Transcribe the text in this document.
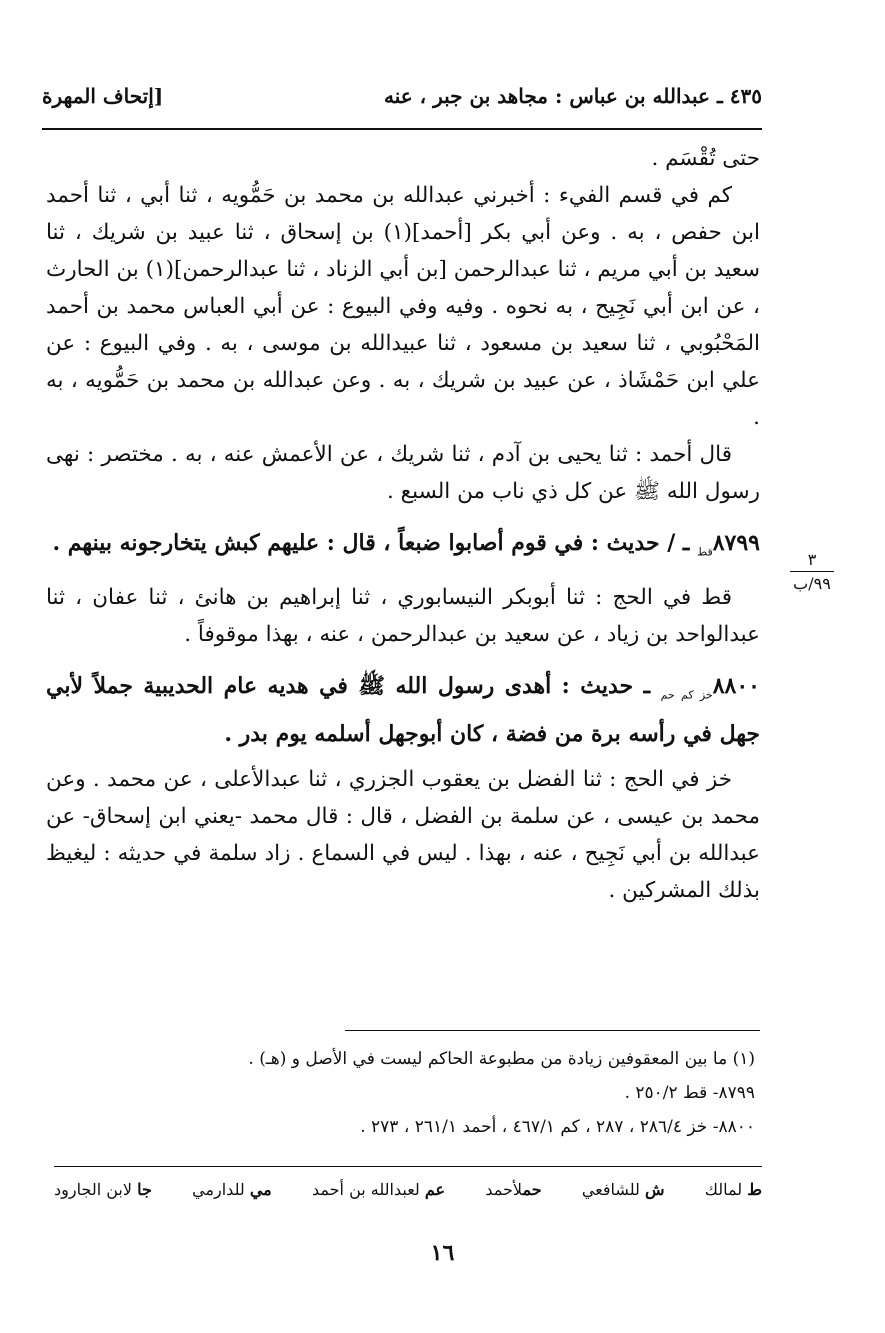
٤٣٥ ـ عبدالله بن عباس : مجاهد بن جبر ، عنه
[إتحاف المهرة

حتى تُقْسَم .

كم في قسم الفيء : أخبرني عبدالله بن محمد بن حَمُّويه ، ثنا أبي ، ثنا أحمد ابن حفص ، به . وعن أبي بكر [أحمد](١) بن إسحاق ، ثنا عبيد بن شريك ، ثنا سعيد بن أبي مريم ، ثنا عبدالرحمن [بن أبي الزناد ، ثنا عبدالرحمن](١) بن الحارث ، عن ابن أبي نَجِيح ، به نحوه . وفيه وفي البيوع : عن أبي العباس محمد بن أحمد المَحْبُوبي ، ثنا سعيد بن مسعود ، ثنا عبيدالله بن موسى ، به . وفي البيوع : عن علي ابن حَمْشَاذ ، عن عبيد بن شريك ، به . وعن عبدالله بن محمد بن حَمُّويه ، به .

قال أحمد : ثنا يحيى بن آدم ، ثنا شريك ، عن الأعمش عنه ، به . مختصر : نهى رسول الله ﷺ عن كل ذي ناب من السبع .

$٨٧٩٩_{قط}$ ـ / حديث : في قوم أصابوا ضبعاً ، قال : عليهم كبش يتخارجونه بينهم .

قط في الحج : ثنا أبوبكر النيسابوري ، ثنا إبراهيم بن هانئ ، ثنا عفان ، ثنا عبدالواحد بن زياد ، عن سعيد بن عبدالرحمن ، عنه ، بهذا موقوفاً .

$٨٨٠٠_{خز كم حم}$ ـ حديث : أهدى رسول الله ﷺ في هديه عام الحديبية جملاً لأبي جهل في رأسه برة من فضة ، كان أبوجهل أسلمه يوم بدر .

خز في الحج : ثنا الفضل بن يعقوب الجزري ، ثنا عبدالأعلى ، عن محمد . وعن محمد بن عيسى ، عن سلمة بن الفضل ، قال : قال محمد -يعني ابن إسحاق- عن عبدالله بن أبي نَجِيح ، عنه ، بهذا . ليس في السماع . زاد سلمة في حديثه : ليغيظ بذلك المشركين .

٣
٩٩/ب
(١) ما بين المعقوفين زيادة من مطبوعة الحاكم ليست في الأصل و (هـ) .
٨٧٩٩- قط ٢٥٠/٢ .
٨٨٠٠- خز ٢٨٦/٤ ، ٢٨٧ ، كم ٤٦٧/١ ، أحمد ٢٦١/١ ، ٢٧٣ .
ط لمالك
ش للشافعي
حملأحمد
عم لعبدالله بن أحمد
مي للدارمي
جا لابن الجارود
١٦
